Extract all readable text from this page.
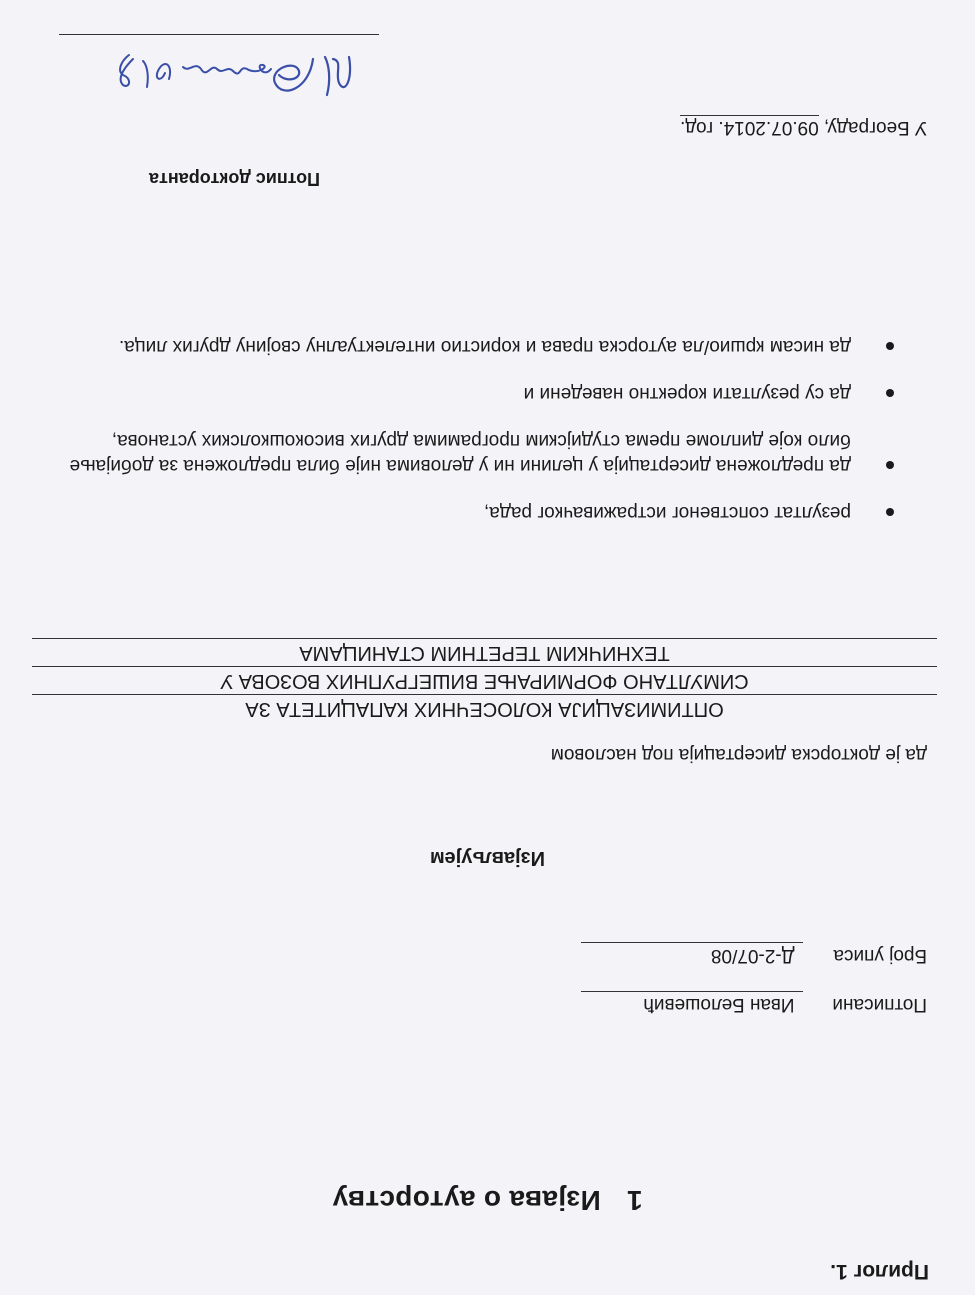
Прилог 1.
1Изјава о ауторству
Потписани Иван Белошевић
Број уписа Д-2-07/08
Изјављујем
да је докторска дисертација под насловом
ОПТИМИЗАЦИЈА КОЛОСЕЧНИХ КАПАЦИТЕТА ЗА
СИМУЛТАНО ФОРМИРАЊЕ ВИШЕГРУПНИХ ВОЗОВА У
ТЕХНИЧКИМ ТЕРЕТНИМ СТАНИЦАМА
резултат сопственог истраживачког рада,
да предложена дисертација у целини ни у деловима није била предложена за добијање било које дипломе према студијским програмима других високошколских установа,
да су резултати коректно наведени и
да нисам кршио/ла ауторска права и користио интелектуалну својину других лица.
Потпис докторанта
У Београду, 09.07.2014. год.
